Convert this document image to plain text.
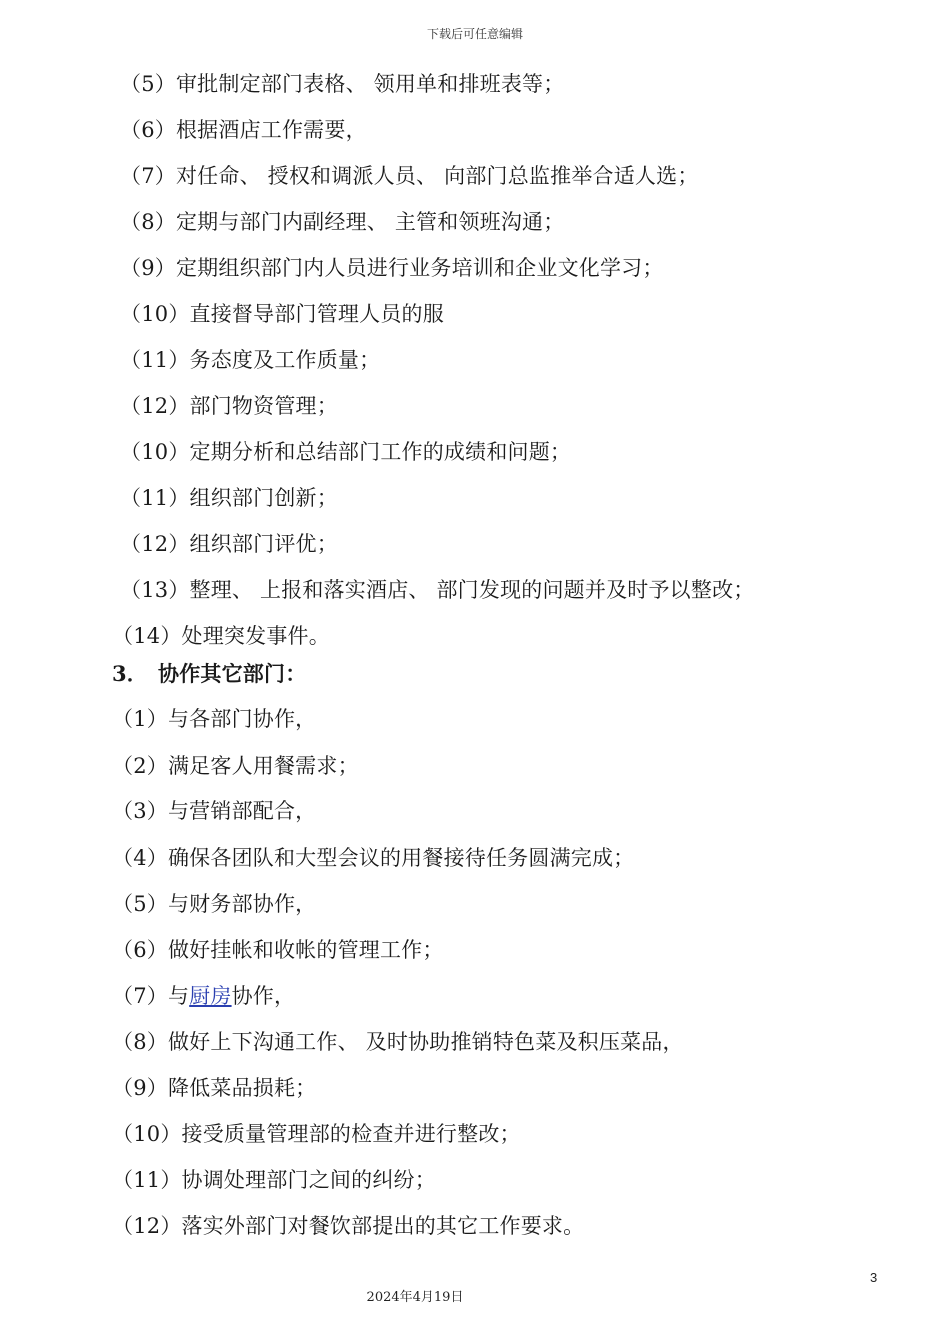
下载后可任意编辑
（5）审批制定部门表格、 领用单和排班表等；
（6）根据酒店工作需要，
（7）对任命、 授权和调派人员、 向部门总监推举合适人选；
（8）定期与部门内副经理、 主管和领班沟通；
（9）定期组织部门内人员进行业务培训和企业文化学习；
（10）直接督导部门管理人员的服
（11）务态度及工作质量；
（12）部门物资管理；
（10）定期分析和总结部门工作的成绩和问题；
（11）组织部门创新；
（12）组织部门评优；
（13）整理、 上报和落实酒店、 部门发现的问题并及时予以整改；
（14）处理突发事件。
3． 协作其它部门：
（1）与各部门协作，
（2）满足客人用餐需求；
（3）与营销部配合，
（4）确保各团队和大型会议的用餐接待任务圆满完成；
（5）与财务部协作，
（6）做好挂帐和收帐的管理工作；
（7）与厨房协作，
（8）做好上下沟通工作、 及时协助推销特色菜及积压菜品，
（9）降低菜品损耗；
（10）接受质量管理部的检查并进行整改；
（11）协调处理部门之间的纠纷；
（12）落实外部门对餐饮部提出的其它工作要求。
3
2024年4月19日
